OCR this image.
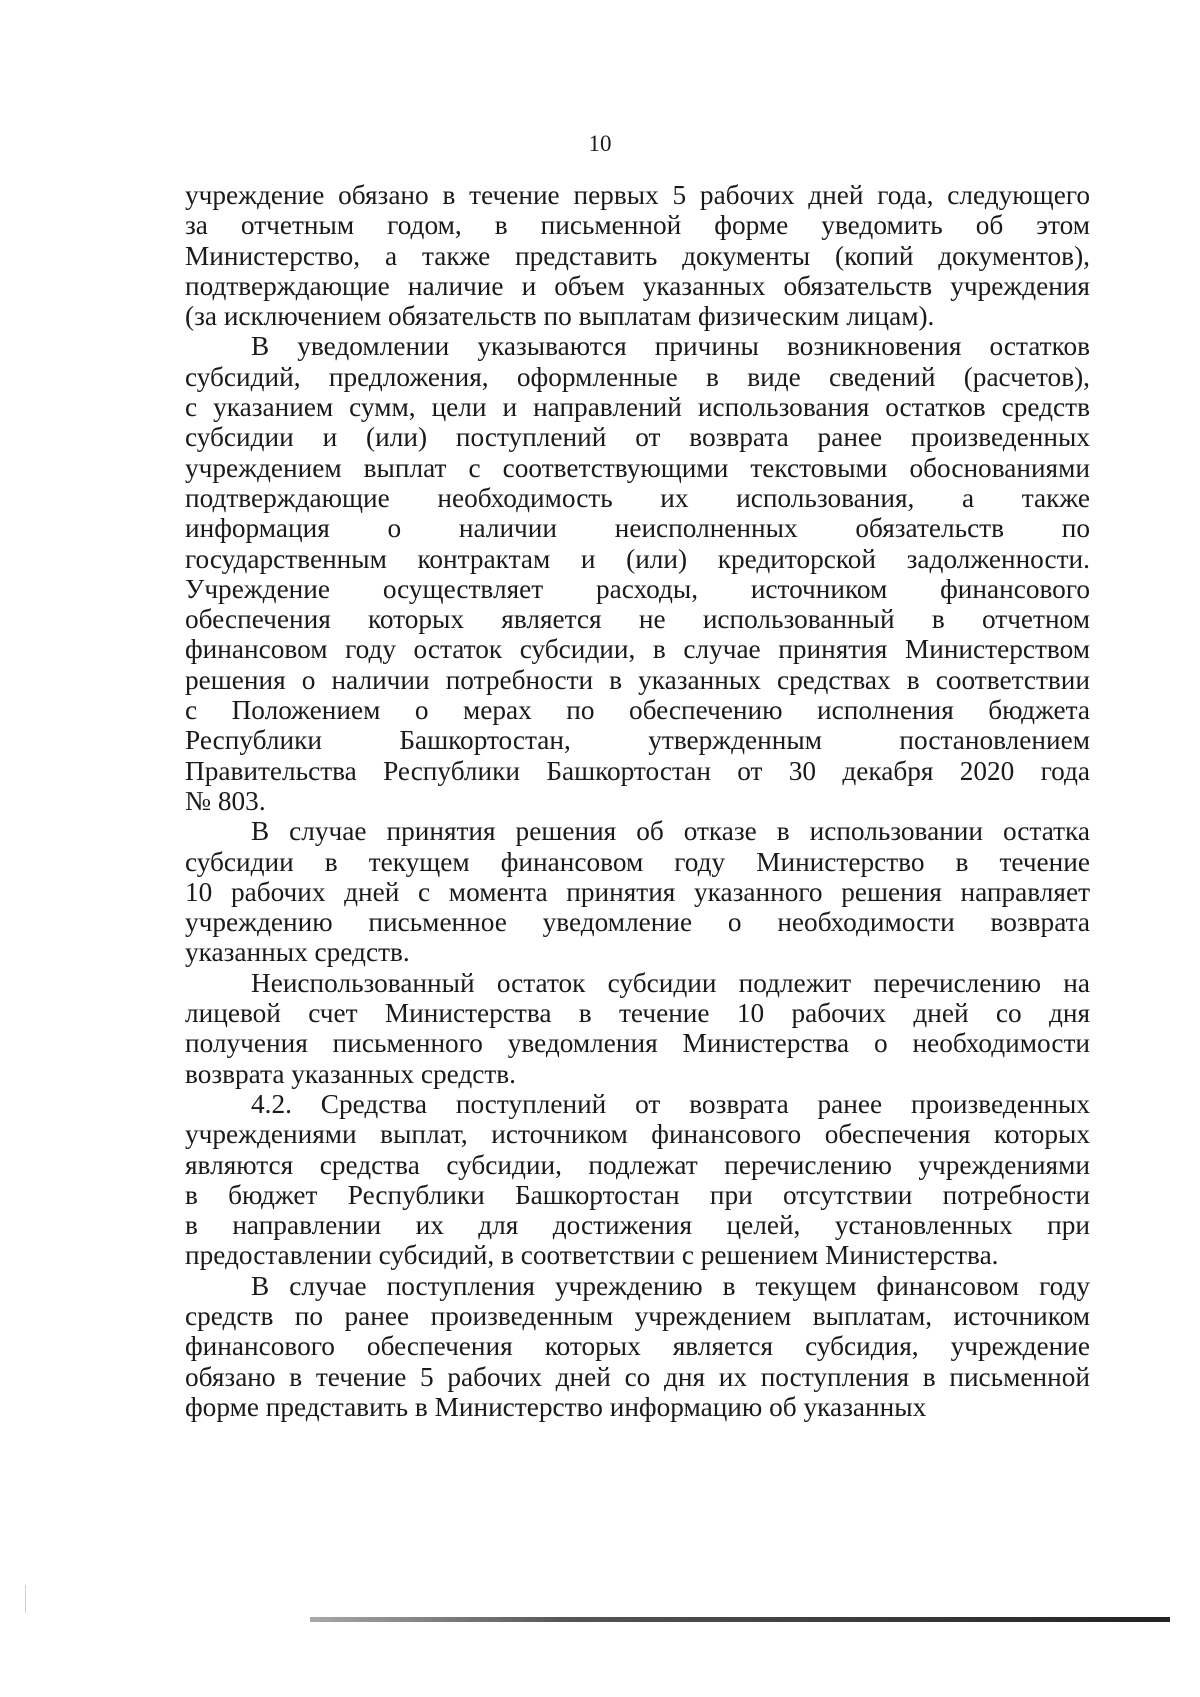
10
учреждение обязано в течение первых 5 рабочих дней года, следующего
за отчетным годом, в письменной форме уведомить об этом
Министерство, а также представить документы (копий документов),
подтверждающие наличие и объем указанных обязательств учреждения
(за исключением обязательств по выплатам физическим лицам).
В уведомлении указываются причины возникновения остатков
субсидий, предложения, оформленные в виде сведений (расчетов),
с указанием сумм, цели и направлений использования остатков средств
субсидии и (или) поступлений от возврата ранее произведенных
учреждением выплат с соответствующими текстовыми обоснованиями
подтверждающие необходимость их использования, а также
информация о наличии неисполненных обязательств по
государственным контрактам и (или) кредиторской задолженности.
Учреждение осуществляет расходы, источником финансового
обеспечения которых является не использованный в отчетном
финансовом году остаток субсидии, в случае принятия Министерством
решения о наличии потребности в указанных средствах в соответствии
с Положением о мерах по обеспечению исполнения бюджета
Республики Башкортостан, утвержденным постановлением
Правительства Республики Башкортостан от 30 декабря 2020 года
№ 803.
В случае принятия решения об отказе в использовании остатка
субсидии в текущем финансовом году Министерство в течение
10 рабочих дней с момента принятия указанного решения направляет
учреждению письменное уведомление о необходимости возврата
указанных средств.
Неиспользованный остаток субсидии подлежит перечислению на
лицевой счет Министерства в течение 10 рабочих дней со дня
получения письменного уведомления Министерства о необходимости
возврата указанных средств.
4.2. Средства поступлений от возврата ранее произведенных
учреждениями выплат, источником финансового обеспечения которых
являются средства субсидии, подлежат перечислению учреждениями
в бюджет Республики Башкортостан при отсутствии потребности
в направлении их для достижения целей, установленных при
предоставлении субсидий, в соответствии с решением Министерства.
В случае поступления учреждению в текущем финансовом году
средств по ранее произведенным учреждением выплатам, источником
финансового обеспечения которых является субсидия, учреждение
обязано в течение 5 рабочих дней со дня их поступления в письменной
форме представить в Министерство информацию об указанных
